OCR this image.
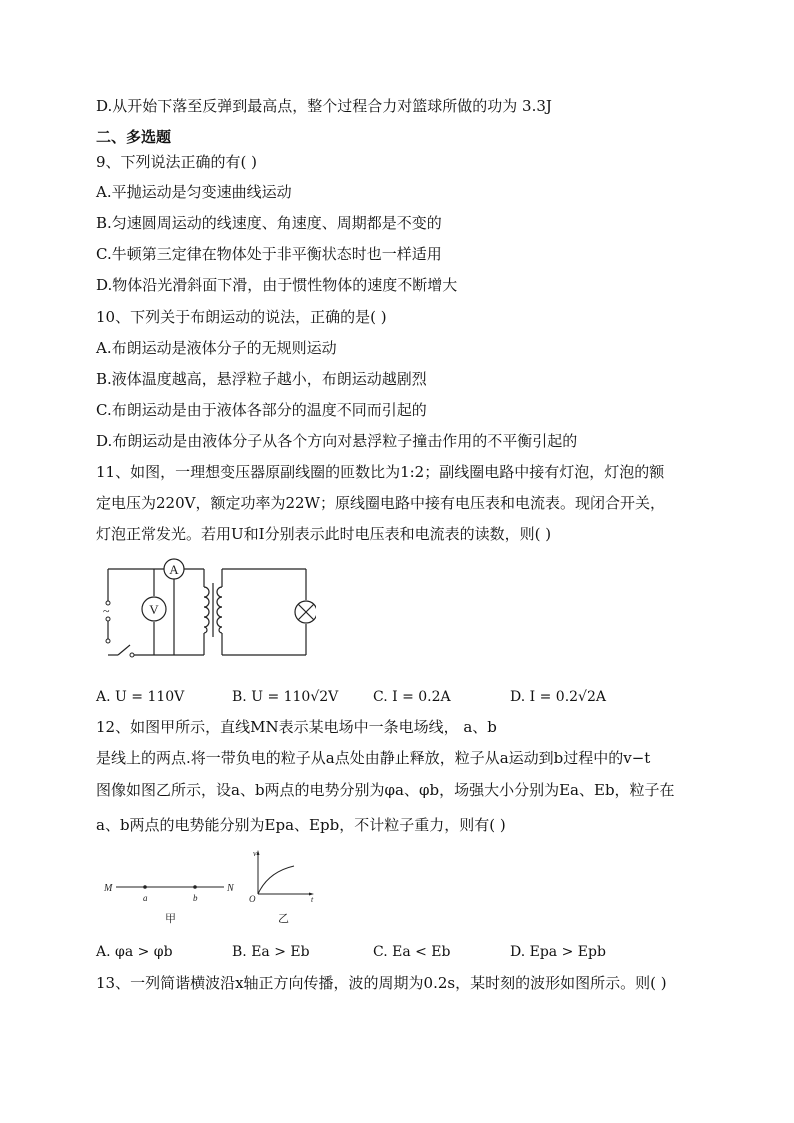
D.从开始下落至反弹到最高点，整个过程合力对篮球所做的功为 3.3J
二、多选题
9、下列说法正确的有( )
A.平抛运动是匀变速曲线运动
B.匀速圆周运动的线速度、角速度、周期都是不变的
C.牛顿第三定律在物体处于非平衡状态时也一样适用
D.物体沿光滑斜面下滑，由于惯性物体的速度不断增大
10、下列关于布朗运动的说法，正确的是( )
A.布朗运动是液体分子的无规则运动
B.液体温度越高，悬浮粒子越小，布朗运动越剧烈
C.布朗运动是由于液体各部分的温度不同而引起的
D.布朗运动是由液体分子从各个方向对悬浮粒子撞击作用的不平衡引起的
11、如图，一理想变压器原副线圈的匝数比为1:2；副线圈电路中接有灯泡，灯泡的额
定电压为220V，额定功率为22W；原线圈电路中接有电压表和电流表。现闭合开关，
灯泡正常发光。若用U和I分别表示此时电压表和电流表的读数，则( )
~
A
V
A. U = 110V	B. U = 110√2V C. I = 0.2A	D. I = 0.2√2A
12、如图甲所示，直线MN表示某电场中一条电场线， a、b
是线上的两点.将一带负电的粒子从a点处由静止释放，粒子从a运动到b过程中的v−t
图像如图乙所示，设a、b两点的电势分别为φa、φb，场强大小分别为Ea、Eb，粒子在
a、b两点的电势能分别为Epa、Epb，不计粒子重力，则有( )
M	N
a	b
甲
v
t
O
乙
A. φa > φb	B. Ea > Eb	C. Ea < Eb	D. Epa > Epb
13、一列简谐横波沿x轴正方向传播，波的周期为0.2s，某时刻的波形如图所示。则( )
